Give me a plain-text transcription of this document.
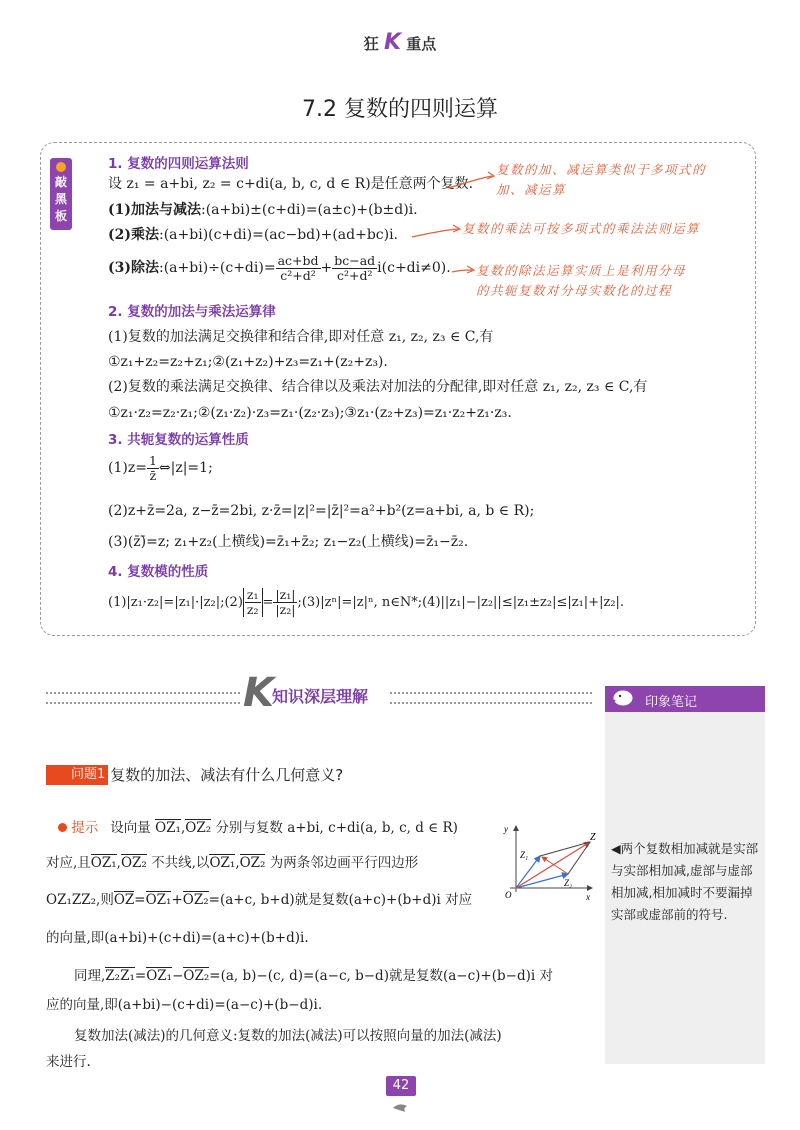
狂 K 重点
7.2 复数的四则运算
敲黑板
1. 复数的四则运算法则
设 z₁ = a+bi, z₂ = c+di(a, b, c, d ∈ R)是任意两个复数.
(1)加法与减法:(a+bi)±(c+di)=(a±c)+(b±d)i.
(2)乘法:(a+bi)(c+di)=(ac−bd)+(ad+bc)i.
(3)除法:(a+bi)÷(c+di)= $\frac{ac+bd}{\text{c²+d²}} + \frac{bc-ad}{\text{c²+d²}} i(c+di\ne 0)$.
复数的加、减运算类似于多项式的
加、减运算
复数的乘法可按多项式的乘法法则运算
复数的除法运算实质上是利用分母
的共轭复数对分母实数化的过程
2. 复数的加法与乘法运算律
(1)复数的加法满足交换律和结合律,即对任意 z₁, z₂, z₃ ∈ C,有
①z₁+z₂=z₂+z₁;②(z₁+z₂)+z₃=z₁+(z₂+z₃).
(2)复数的乘法满足交换律、结合律以及乘法对加法的分配律,即对任意 z₁, z₂, z₃ ∈ C,有
①z₁·z₂=z₂·z₁;②(z₁·z₂)·z₃=z₁·(z₂·z₃);③z₁·(z₂+z₃)=z₁·z₂+z₁·z₃.
3. 共轭复数的运算性质
$(1)z= \frac{1}{z̄}$ ⇔|z|=1;
(2)z+z̄=2a, z−z̄=2bi, z·z̄=|z|²=|z̄|²=a²+b²(z=a+bi, a, b ∈ R);
(3)(z̄)̄=z; z₁+z₂(上横线)=z̄₁+z̄₂; z₁−z₂(上横线)=z̄₁−z̄₂.
4. 复数模的性质
(1)|z₁·z₂|=|z₁|·|z₂|;(2) $\frac{\text{z₁}}{\text{z₂}} = \frac{\text{|z₁|}}{\text{|z₂|}}$ ;(3)|zⁿ|=|z|ⁿ, n∈N*;(4)||z₁|−|z₂||≤|z₁±z₂|≤|z₁|+|z₂|.
K
知识深层理解	印象笔记
◀两个复数相加减就是实部与实部相加减,虚部与虚部相加减,相加减时不要漏掉实部或虚部前的符号.
问题1 复数的加法、减法有什么几何意义?
提示 设向量 OZ₁,OZ₂ 分别与复数 a+bi, c+di(a, b, c, d ∈ R)
对应,且OZ₁,OZ₂ 不共线,以OZ₁,OZ₂ 为两条邻边画平行四边形
OZ₁ZZ₂,则OZ=OZ₁+OZ₂=(a+c, b+d)就是复数(a+c)+(b+d)i 对应
的向量,即(a+bi)+(c+di)=(a+c)+(b+d)i.
同理,Z₂Z₁=OZ₁−OZ₂=(a, b)−(c, d)=(a−c, b−d)就是复数(a−c)+(b−d)i 对
应的向量,即(a+bi)−(c+di)=(a−c)+(b−d)i.
复数加法(减法)的几何意义:复数的加法(减法)可以按照向量的加法(减法)
来进行.
y
x
O
Z
Z₁
Z₂
42
